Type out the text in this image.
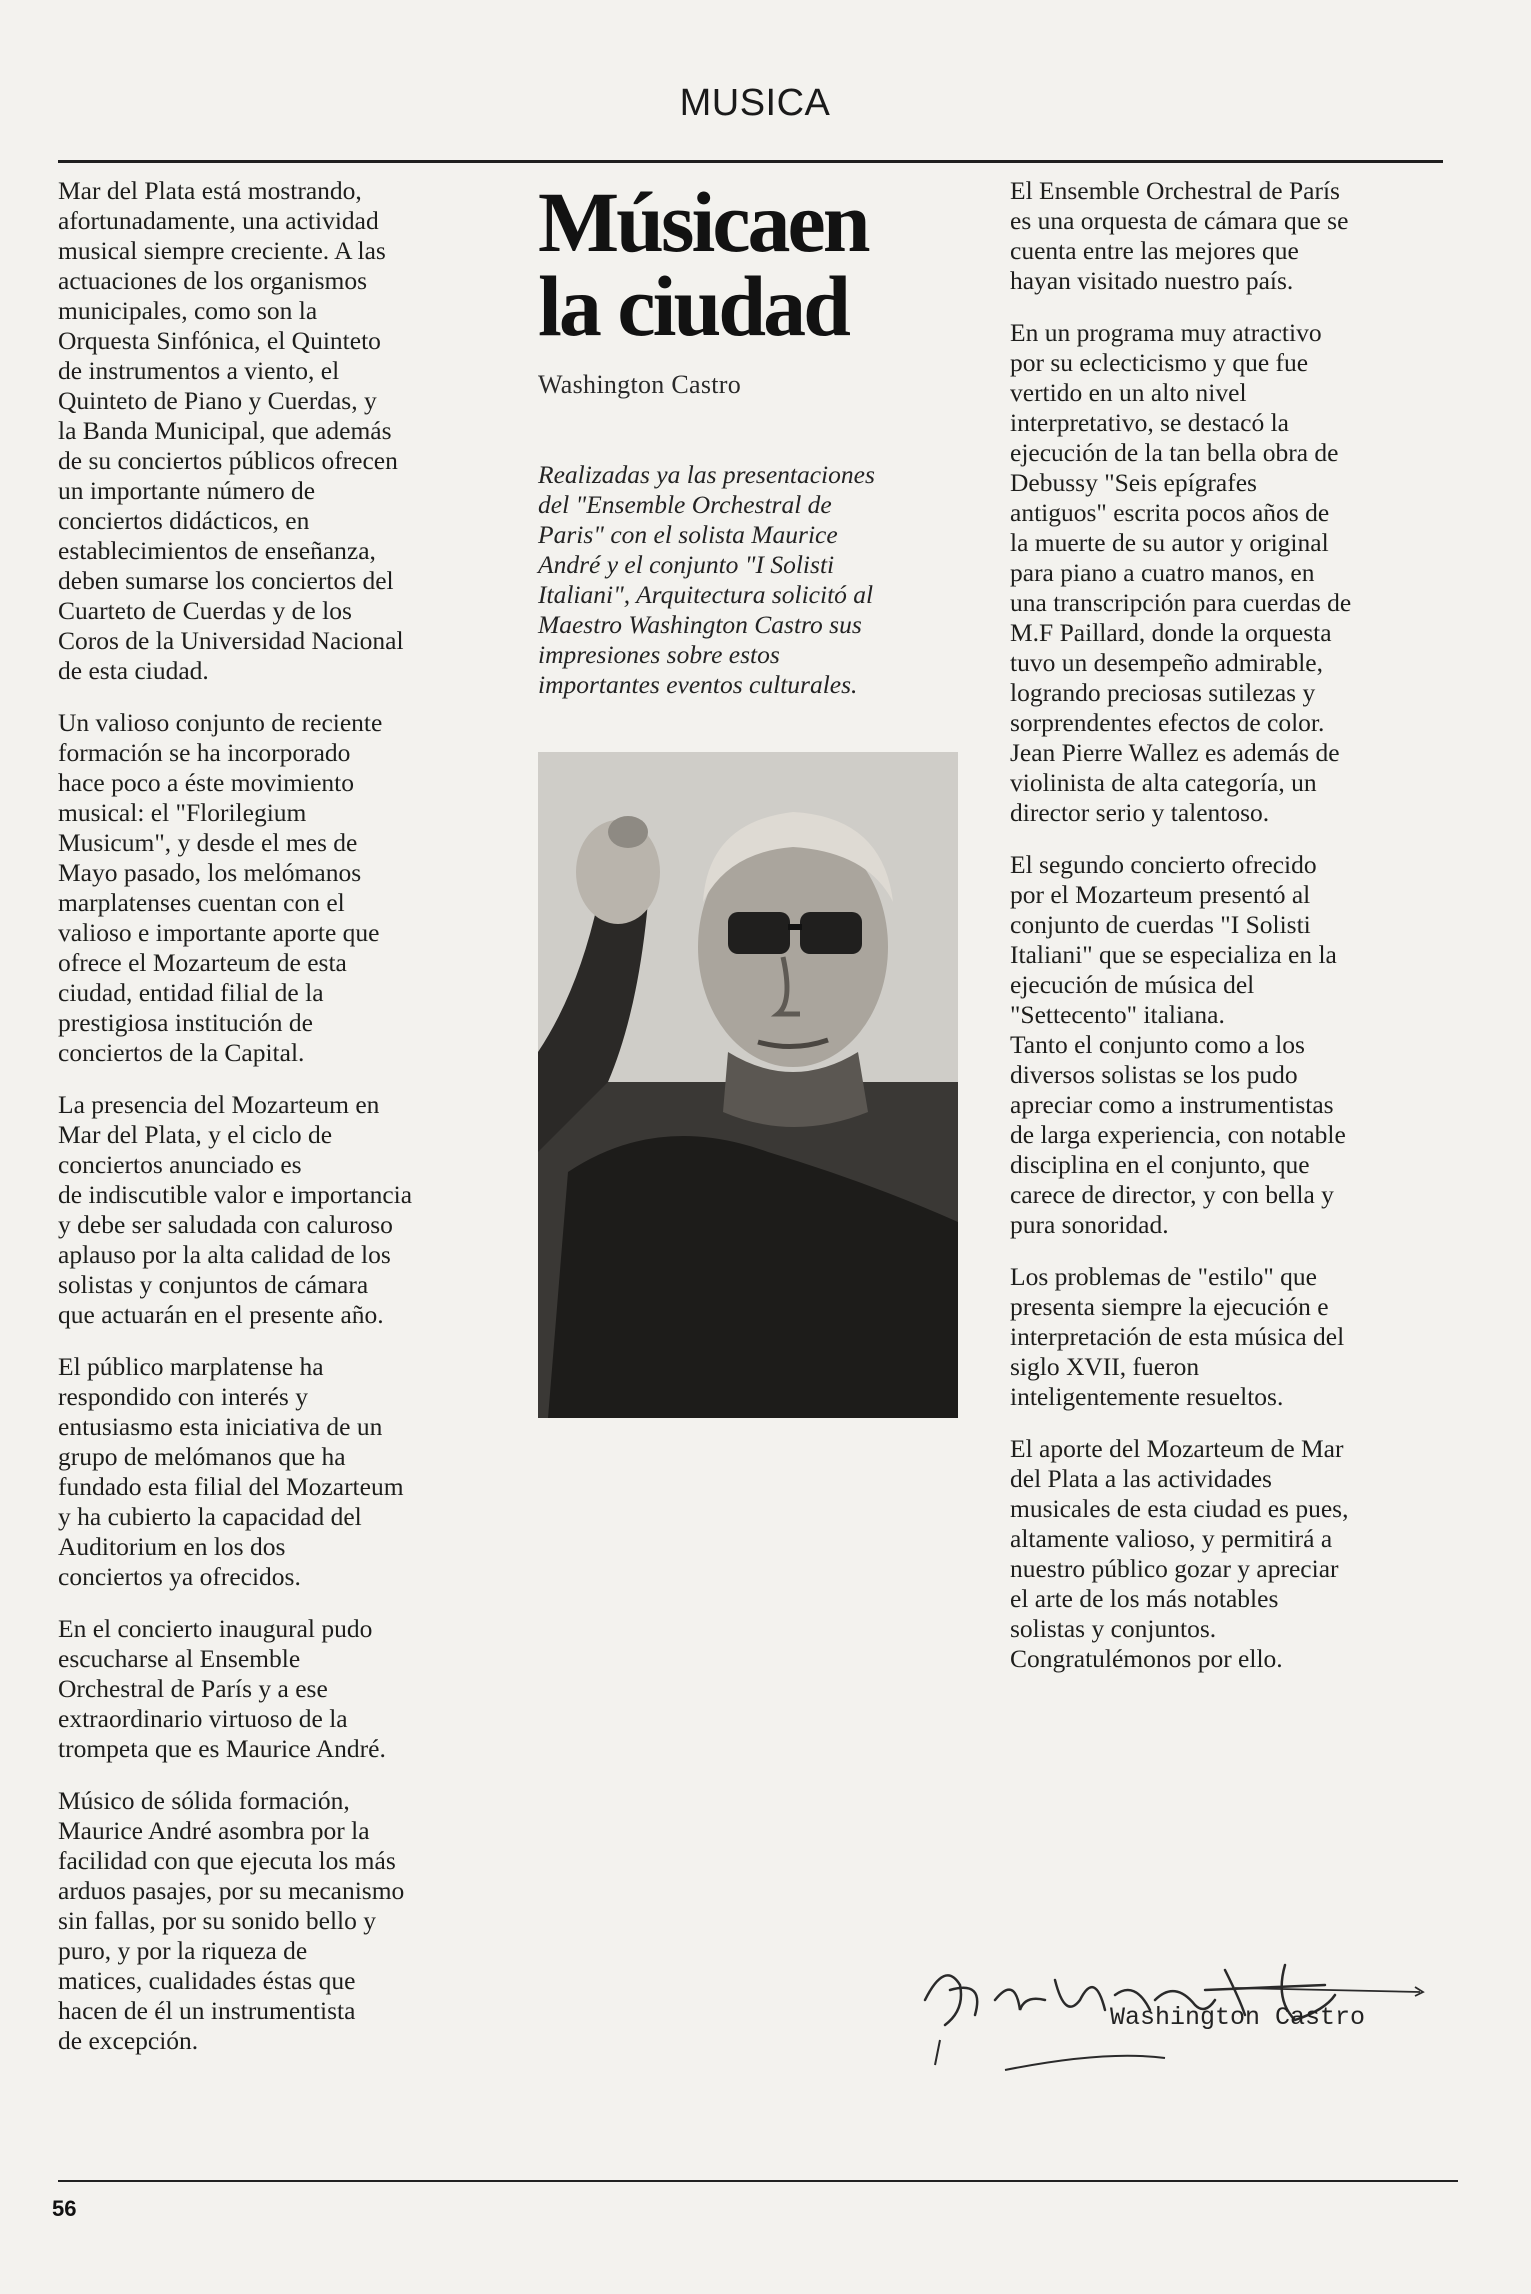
MUSICA

Mar del Plata está mostrando,
afortunadamente, una actividad
musical siempre creciente. A las
actuaciones de los organismos
municipales, como son la
Orquesta Sinfónica, el Quinteto
de instrumentos a viento, el
Quinteto de Piano y Cuerdas, y
la Banda Municipal, que además
de su conciertos públicos ofrecen
un importante número de
conciertos didácticos, en
establecimientos de enseñanza,
deben sumarse los conciertos del
Cuarteto de Cuerdas y de los
Coros de la Universidad Nacional
de esta ciudad.

Un valioso conjunto de reciente
formación se ha incorporado
hace poco a éste movimiento
musical: el "Florilegium
Musicum", y desde el mes de
Mayo pasado, los melómanos
marplatenses cuentan con el
valioso e importante aporte que
ofrece el Mozarteum de esta
ciudad, entidad filial de la
prestigiosa institución de
conciertos de la Capital.

La presencia del Mozarteum en
Mar del Plata, y el ciclo de
conciertos anunciado es
de indiscutible valor e importancia
y debe ser saludada con caluroso
aplauso por la alta calidad de los
solistas y conjuntos de cámara
que actuarán en el presente año.

El público marplatense ha
respondido con interés y
entusiasmo esta iniciativa de un
grupo de melómanos que ha
fundado esta filial del Mozarteum
y ha cubierto la capacidad del
Auditorium en los dos
conciertos ya ofrecidos.

En el concierto inaugural pudo
escucharse al Ensemble
Orchestral de París y a ese
extraordinario virtuoso de la
trompeta que es Maurice André.

Músico de sólida formación,
Maurice André asombra por la
facilidad con que ejecuta los más
arduos pasajes, por su mecanismo
sin fallas, por su sonido bello y
puro, y por la riqueza de
matices, cualidades éstas que
hacen de él un instrumentista
de excepción.

Músicaen
la ciudad
Washington Castro
Realizadas ya las presentaciones
del "Ensemble Orchestral de
Paris" con el solista Maurice
André y el conjunto "I Solisti
Italiani", Arquitectura solicitó al
Maestro Washington Castro sus
impresiones sobre estos
importantes eventos culturales.

El Ensemble Orchestral de París
es una orquesta de cámara que se
cuenta entre las mejores que
hayan visitado nuestro país.

En un programa muy atractivo
por su eclecticismo y que fue
vertido en un alto nivel
interpretativo, se destacó la
ejecución de la tan bella obra de
Debussy "Seis epígrafes
antiguos" escrita pocos años de
la muerte de su autor y original
para piano a cuatro manos, en
una transcripción para cuerdas de
M.F Paillard, donde la orquesta
tuvo un desempeño admirable,
logrando preciosas sutilezas y
sorprendentes efectos de color.
Jean Pierre Wallez es además de
violinista de alta categoría, un
director serio y talentoso.

El segundo concierto ofrecido
por el Mozarteum presentó al
conjunto de cuerdas "I Solisti
Italiani" que se especializa en la
ejecución de música del
"Settecento" italiana.
Tanto el conjunto como a los
diversos solistas se los pudo
apreciar como a instrumentistas
de larga experiencia, con notable
disciplina en el conjunto, que
carece de director, y con bella y
pura sonoridad.

Los problemas de "estilo" que
presenta siempre la ejecución e
interpretación de esta música del
siglo XVII, fueron
inteligentemente resueltos.

El aporte del Mozarteum de Mar
del Plata a las actividades
musicales de esta ciudad es pues,
altamente valioso, y permitirá a
nuestro público gozar y apreciar
el arte de los más notables
solistas y conjuntos.
Congratulémonos por ello.

Washington Castro
56
